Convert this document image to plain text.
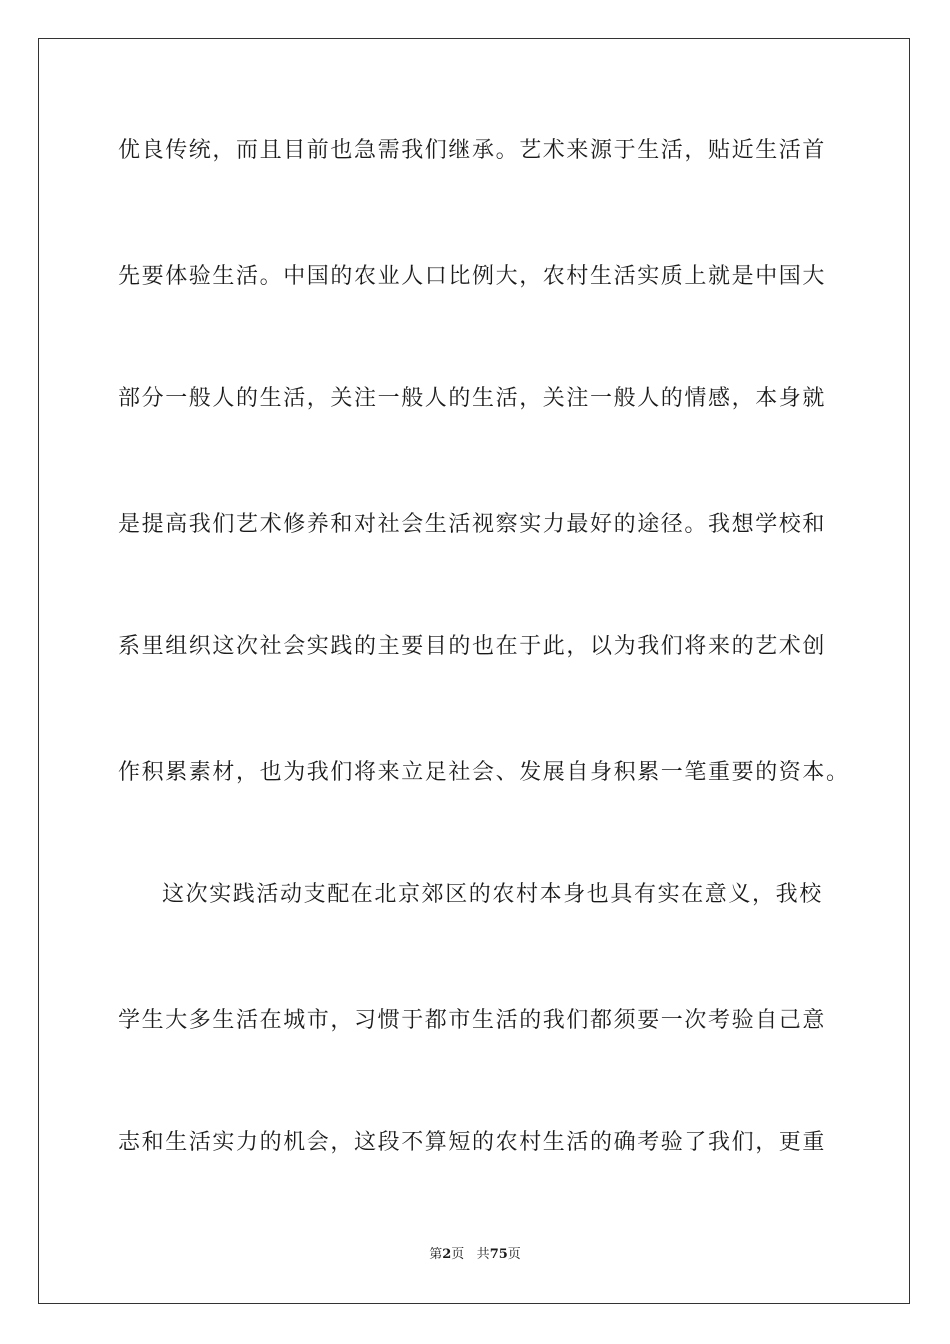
优良传统，而且目前也急需我们继承。艺术来源于生活，贴近生活首
先要体验生活。中国的农业人口比例大，农村生活实质上就是中国大
部分一般人的生活，关注一般人的生活，关注一般人的情感，本身就
是提高我们艺术修养和对社会生活视察实力最好的途径。我想学校和
系里组织这次社会实践的主要目的也在于此，以为我们将来的艺术创
作积累素材，也为我们将来立足社会、发展自身积累一笔重要的资本。
这次实践活动支配在北京郊区的农村本身也具有实在意义，我校
学生大多生活在城市，习惯于都市生活的我们都须要一次考验自己意
志和生活实力的机会，这段不算短的农村生活的确考验了我们，更重
第2页 共75页
